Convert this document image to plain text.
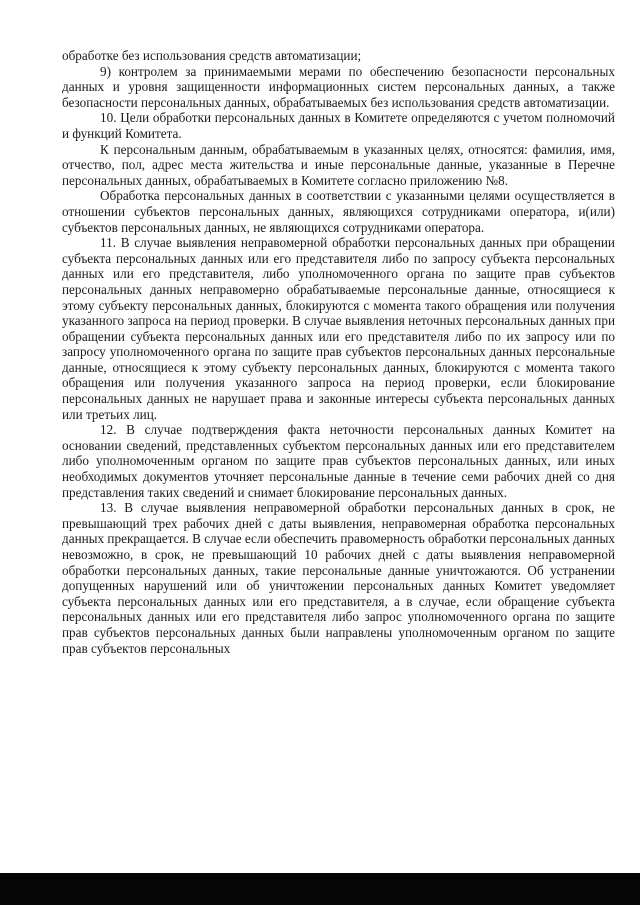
обработке без использования средств автоматизации;

9) контролем за принимаемыми мерами по обеспечению безопасности персональных данных и уровня защищенности информационных систем персональных данных, а также безопасности персональных данных, обрабатываемых без использования средств автоматизации.

10. Цели обработки персональных данных в Комитете определяются с учетом полномочий и функций Комитета.

К персональным данным, обрабатываемым в указанных целях, относятся: фамилия, имя, отчество, пол, адрес места жительства и иные персональные данные, указанные в Перечне персональных данных, обрабатываемых в Комитете согласно приложению №8.

Обработка персональных данных в соответствии с указанными целями осуществляется в отношении субъектов персональных данных, являющихся сотрудниками оператора, и(или) субъектов персональных данных, не являющихся сотрудниками оператора.

11. В случае выявления неправомерной обработки персональных данных при обращении субъекта персональных данных или его представителя либо по запросу субъекта персональных данных или его представителя, либо уполномоченного органа по защите прав субъектов персональных данных неправомерно обрабатываемые персональные данные, относящиеся к этому субъекту персональных данных, блокируются с момента такого обращения или получения указанного запроса на период проверки. В случае выявления неточных персональных данных при обращении субъекта персональных данных или его представителя либо по их запросу или по запросу уполномоченного органа по защите прав субъектов персональных данных персональные данные, относящиеся к этому субъекту персональных данных, блокируются с момента такого обращения или получения указанного запроса на период проверки, если блокирование персональных данных не нарушает права и законные интересы субъекта персональных данных или третьих лиц.

12. В случае подтверждения факта неточности персональных данных Комитет на основании сведений, представленных субъектом персональных данных или его представителем либо уполномоченным органом по защите прав субъектов персональных данных, или иных необходимых документов уточняет персональные данные в течение семи рабочих дней со дня представления таких сведений и снимает блокирование персональных данных.

13. В случае выявления неправомерной обработки персональных данных в срок, не превышающий трех рабочих дней с даты выявления, неправомерная обработка персональных данных прекращается. В случае если обеспечить правомерность обработки персональных данных невозможно, в срок, не превышающий 10 рабочих дней с даты выявления неправомерной обработки персональных данных, такие персональные данные уничтожаются. Об устранении допущенных нарушений или об уничтожении персональных данных Комитет уведомляет субъекта персональных данных или его представителя, а в случае, если обращение субъекта персональных данных или его представителя либо запрос уполномоченного органа по защите прав субъектов персональных данных были направлены уполномоченным органом по защите прав субъектов персональных
